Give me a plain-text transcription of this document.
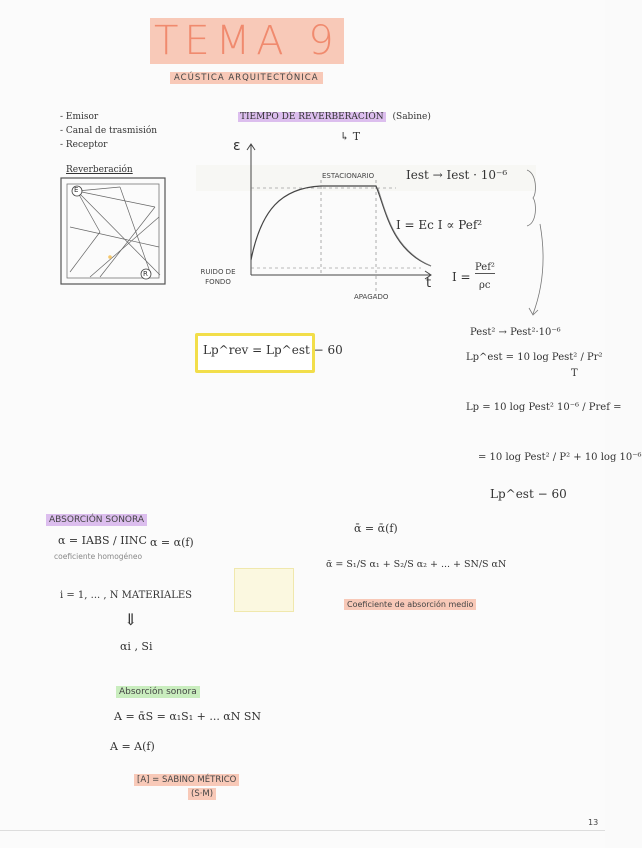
TEMA 9
ACÚSTICA ARQUITECTÓNICA
- Emisor
- Canal de trasmisión
- Receptor
Reverberación
E
R
TIEMPO DE REVERBERACIÓN (Sabine)
↳ T
ε
t
ESTACIONARIO
RUIDO DE FONDO
APAGADO
Iest → Iest · 10⁻⁶
I = Ec I ∝ Pef²
I =
Pef²
ρc
Lp^rev = Lp^est − 60
Pest² → Pest²·10⁻⁶
Lp^est = 10 log Pest² / Pr²
T
Lp = 10 log Pest² 10⁻⁶ / Pref =
= 10 log Pest² / P² + 10 log 10⁻⁶
Lp^est − 60
ABSORCIÓN SONORA
α = IABS / IINC
coeficiente homogéneo
α = α(f)
i = 1, ... , N MATERIALES
⇓
αi , Si
ᾱ = ᾱ(f)
ᾱ = S₁/S α₁ + S₂/S α₂ + ... + SN/S αN
Coeficiente de absorción medio
Absorción sonora
A = ᾱS = α₁S₁ + ... αN SN
A = A(f)
[A] = SABINO MÉTRICO
(S·M)
13
